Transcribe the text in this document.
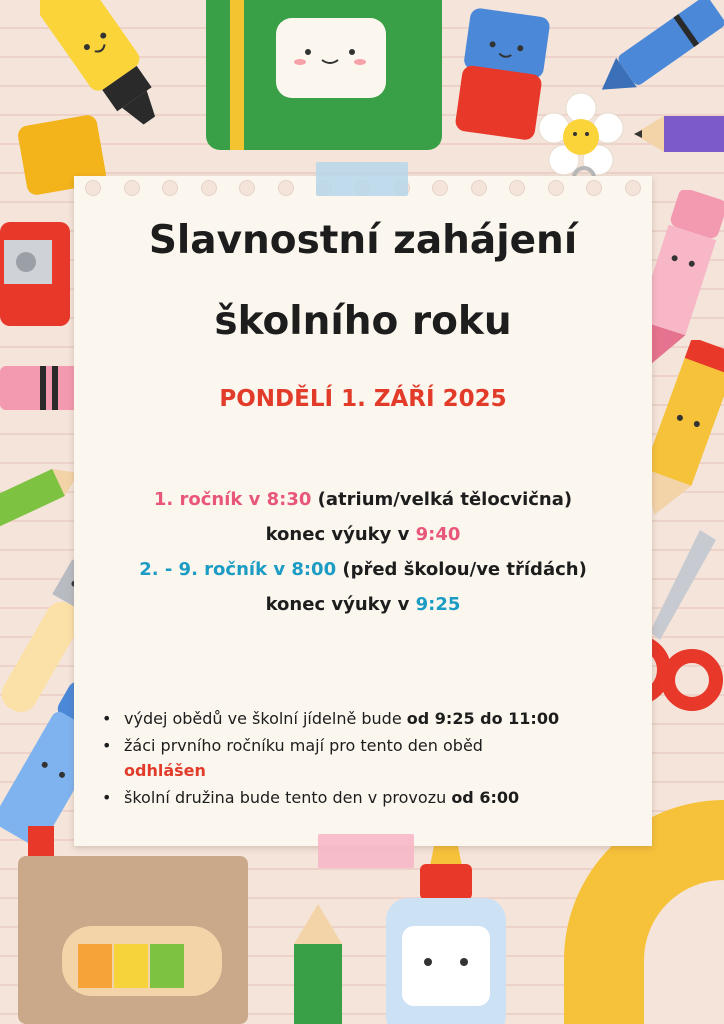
Slavnostní zahájení
školního roku
PONDĚLÍ 1. ZÁŘÍ 2025
1. ročník v 8:30 (atrium/velká tělocvična)
konec výuky v 9:40
2. - 9. ročník v 8:00 (před školou/ve třídách)
konec výuky v 9:25
• výdej obědů ve školní jídelně bude od 9:25 do 11:00
• žáci prvního ročníku mají pro tento den oběd
odhlášen
• školní družina bude tento den v provozu od 6:00
